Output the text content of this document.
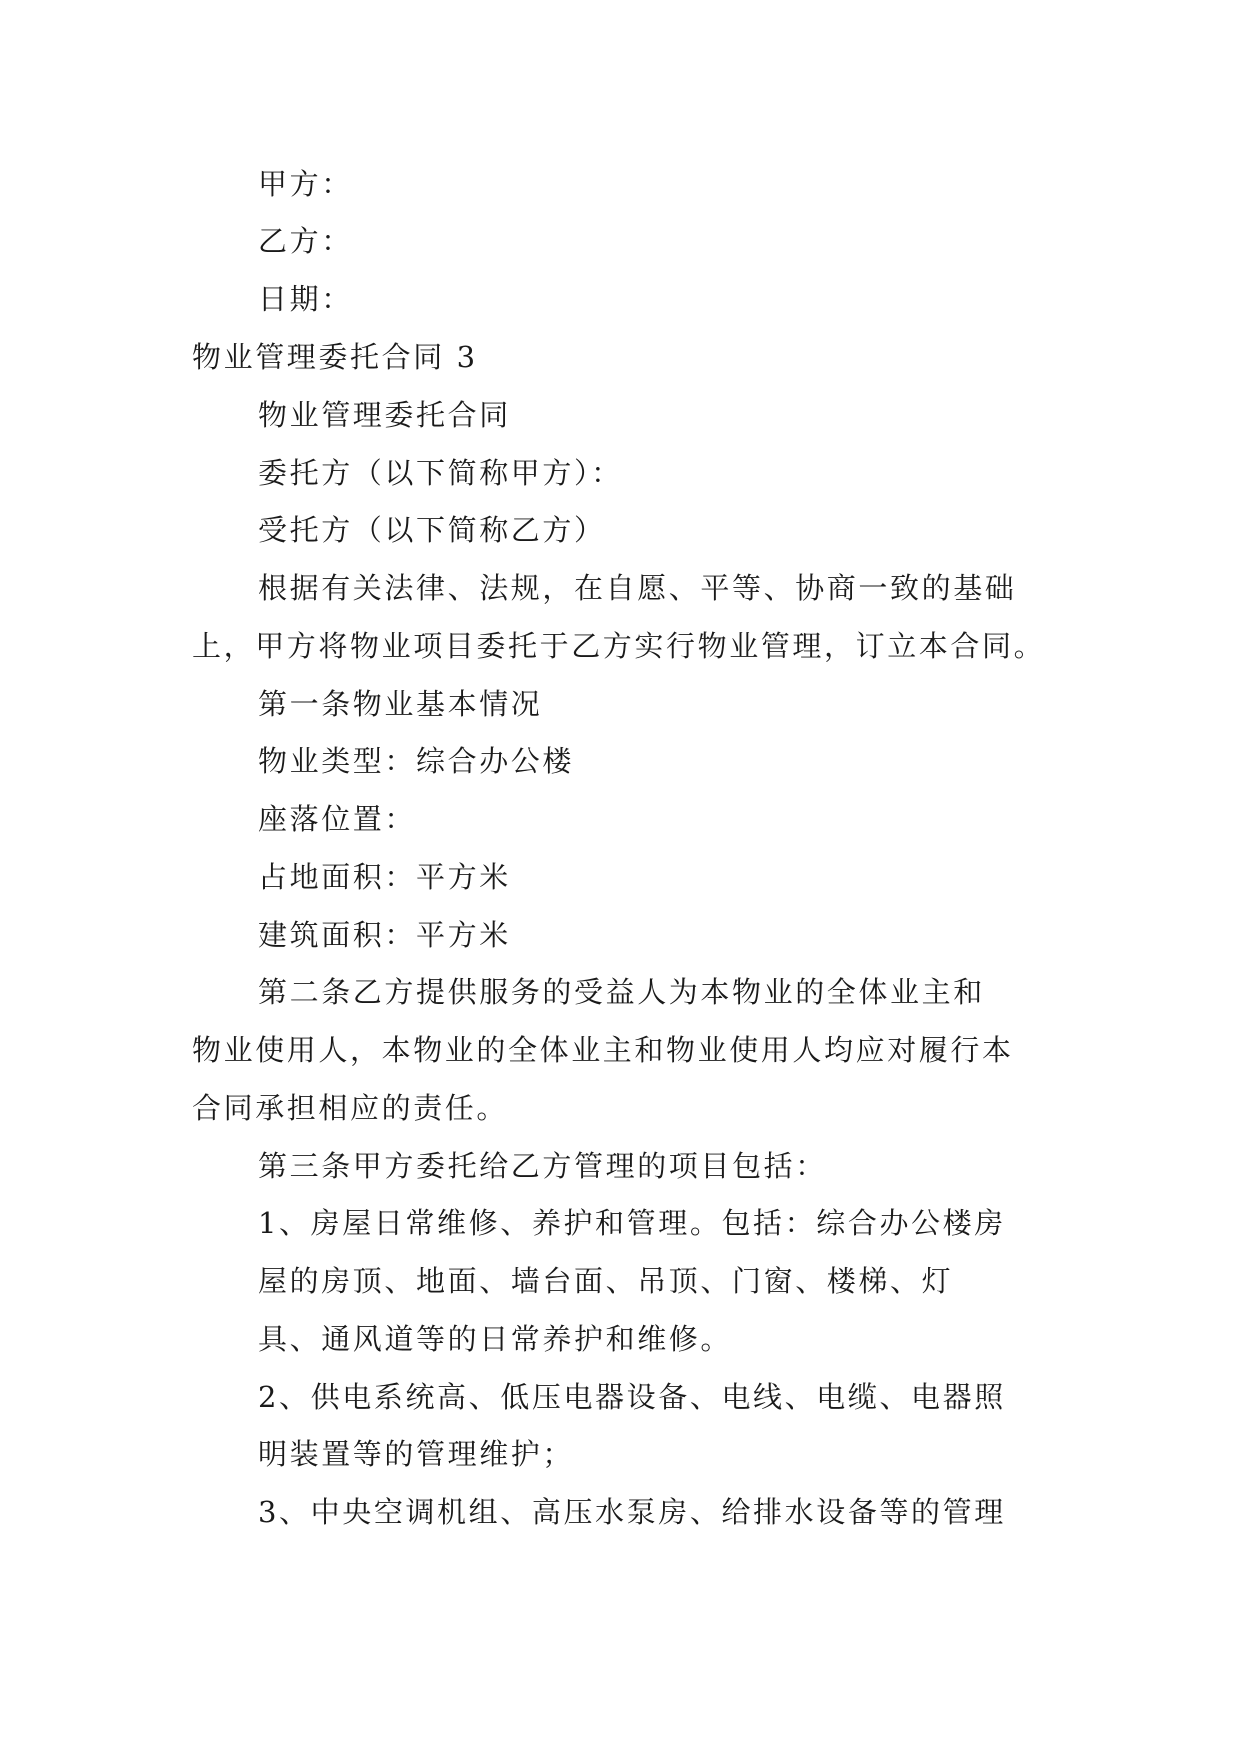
甲方：

乙方：

日期：

物业管理委托合同 3

物业管理委托合同

委托方（以下简称甲方）：

受托方（以下简称乙方）

根据有关法律、法规，在自愿、平等、协商一致的基础

上，甲方将物业项目委托于乙方实行物业管理，订立本合同。

第一条物业基本情况

物业类型：综合办公楼

座落位置：

占地面积：平方米

建筑面积：平方米

第二条乙方提供服务的受益人为本物业的全体业主和

物业使用人，本物业的全体业主和物业使用人均应对履行本

合同承担相应的责任。

第三条甲方委托给乙方管理的项目包括：

1、房屋日常维修、养护和管理。包括：综合办公楼房

屋的房顶、地面、墙台面、吊顶、门窗、楼梯、灯

具、通风道等的日常养护和维修。

2、供电系统高、低压电器设备、电线、电缆、电器照

明装置等的管理维护；

3、中央空调机组、高压水泵房、给排水设备等的管理
